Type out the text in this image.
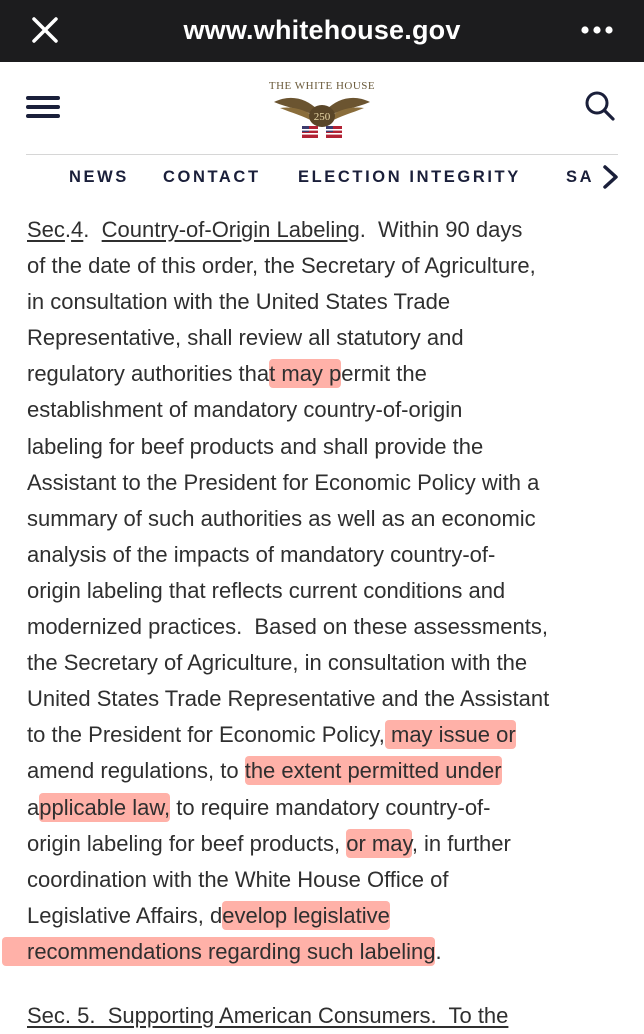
www.whitehouse.gov
THE WHITE HOUSE
250
NEWS CONTACT ELECTION INTEGRITY	SA
Sec.4. Country-of-Origin Labeling.  Within 90 days
of the date of this order, the Secretary of Agriculture,
in consultation with the United States Trade
Representative, shall review all statutory and
regulatory authorities that may permit the
establishment of mandatory country-of-origin
labeling for beef products and shall provide the
Assistant to the President for Economic Policy with a
summary of such authorities as well as an economic
analysis of the impacts of mandatory country-of-
origin labeling that reflects current conditions and
modernized practices.  Based on these assessments,
the Secretary of Agriculture, in consultation with the
United States Trade Representative and the Assistant
to the President for Economic Policy, may issue or
amend regulations, to the extent permitted under
applicable law, to require mandatory country-of-
origin labeling for beef products, or may, in further
coordination with the White House Office of
Legislative Affairs, develop legislative
recommendations regarding such labeling.
Sec. 5.  Supporting American Consumers.  To the
